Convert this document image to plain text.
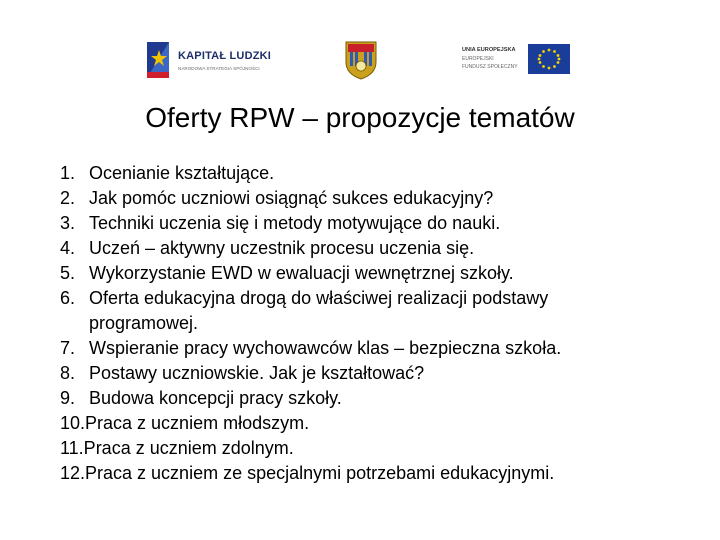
KAPITAŁ LUDZKI
NARODOWA STRATEGIA SPÓJNOŚCI
UNIA EUROPEJSKA
EUROPEJSKI
FUNDUSZ SPOŁECZNY
Oferty RPW – propozycje tematów
1. Ocenianie kształtujące.
2. Jak pomóc uczniowi osiągnąć sukces edukacyjny?
3. Techniki uczenia się i metody motywujące do nauki.
4. Uczeń – aktywny uczestnik procesu uczenia się.
5. Wykorzystanie EWD w ewaluacji wewnętrznej szkoły.
6. Oferta edukacyjna drogą do właściwej realizacji podstawy
programowej.
7. Wspieranie pracy wychowawców klas – bezpieczna szkoła.
8. Postawy uczniowskie. Jak je kształtować?
9. Budowa koncepcji pracy szkoły.
10.Praca z uczniem młodszym.
11.Praca z uczniem zdolnym.
12.Praca z uczniem ze specjalnymi potrzebami edukacyjnymi.
